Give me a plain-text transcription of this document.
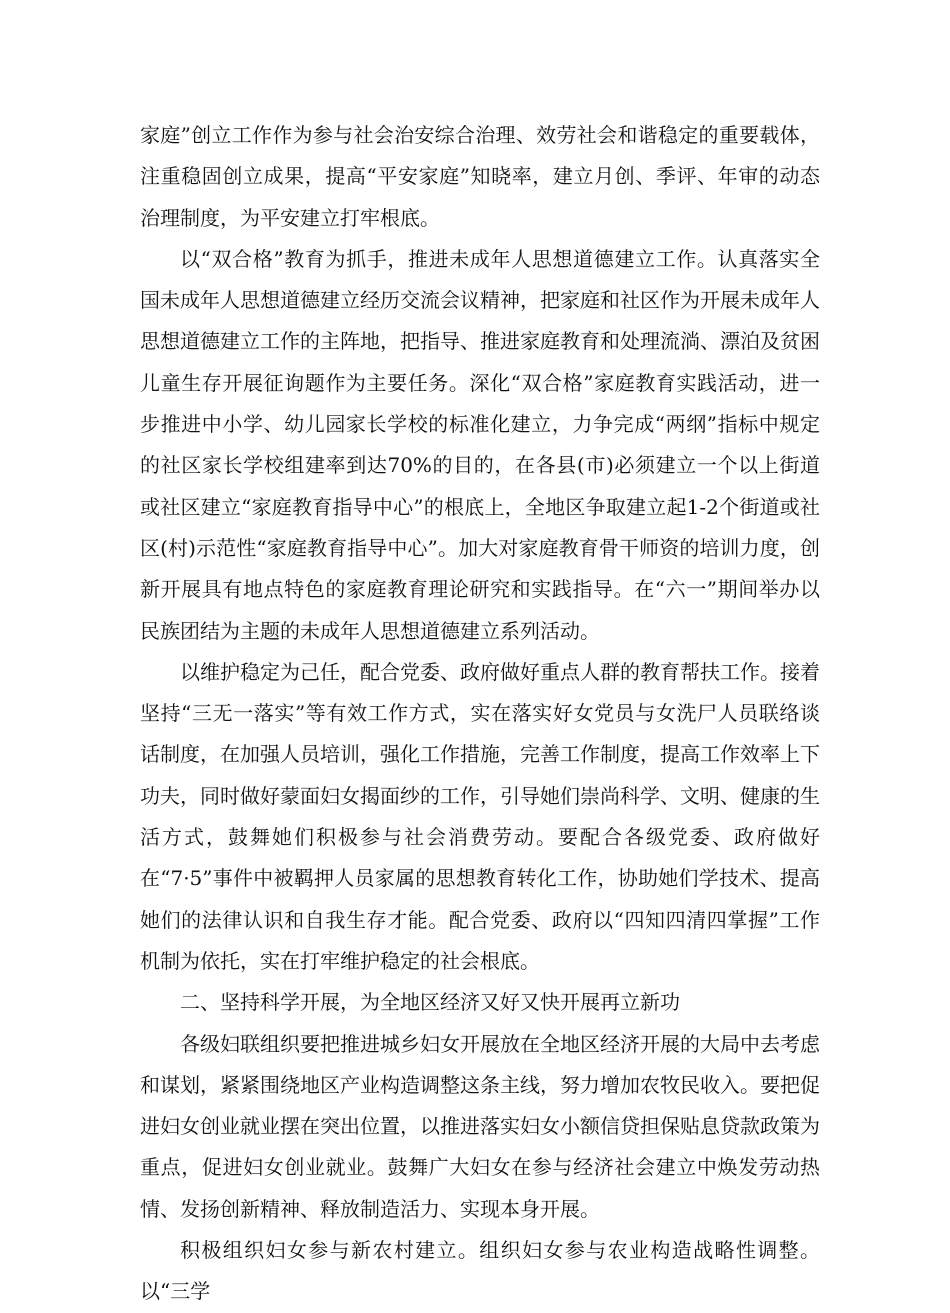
家庭”创立工作作为参与社会治安综合治理、效劳社会和谐稳定的重要载体，注重稳固创立成果，提高“平安家庭”知晓率，建立月创、季评、年审的动态治理制度，为平安建立打牢根底。

以“双合格”教育为抓手，推进未成年人思想道德建立工作。认真落实全国未成年人思想道德建立经历交流会议精神，把家庭和社区作为开展未成年人思想道德建立工作的主阵地，把指导、推进家庭教育和处理流淌、漂泊及贫困儿童生存开展征询题作为主要任务。深化“双合格”家庭教育实践活动，进一步推进中小学、幼儿园家长学校的标准化建立，力争完成“两纲”指标中规定的社区家长学校组建率到达70%的目的，在各县(市)必须建立一个以上街道或社区建立“家庭教育指导中心”的根底上，全地区争取建立起1-2个街道或社区(村)示范性“家庭教育指导中心”。加大对家庭教育骨干师资的培训力度，创新开展具有地点特色的家庭教育理论研究和实践指导。在“六一”期间举办以民族团结为主题的未成年人思想道德建立系列活动。

以维护稳定为己任，配合党委、政府做好重点人群的教育帮扶工作。接着坚持“三无一落实”等有效工作方式，实在落实好女党员与女洗尸人员联络谈话制度，在加强人员培训，强化工作措施，完善工作制度，提高工作效率上下功夫，同时做好蒙面妇女揭面纱的工作，引导她们崇尚科学、文明、健康的生活方式，鼓舞她们积极参与社会消费劳动。要配合各级党委、政府做好在“7·5”事件中被羁押人员家属的思想教育转化工作，协助她们学技术、提高她们的法律认识和自我生存才能。配合党委、政府以“四知四清四掌握”工作机制为依托，实在打牢维护稳定的社会根底。

二、坚持科学开展，为全地区经济又好又快开展再立新功

各级妇联组织要把推进城乡妇女开展放在全地区经济开展的大局中去考虑和谋划，紧紧围绕地区产业构造调整这条主线，努力增加农牧民收入。要把促进妇女创业就业摆在突出位置，以推进落实妇女小额信贷担保贴息贷款政策为重点，促进妇女创业就业。鼓舞广大妇女在参与经济社会建立中焕发劳动热情、发扬创新精神、释放制造活力、实现本身开展。

积极组织妇女参与新农村建立。组织妇女参与农业构造战略性调整。以“三学
